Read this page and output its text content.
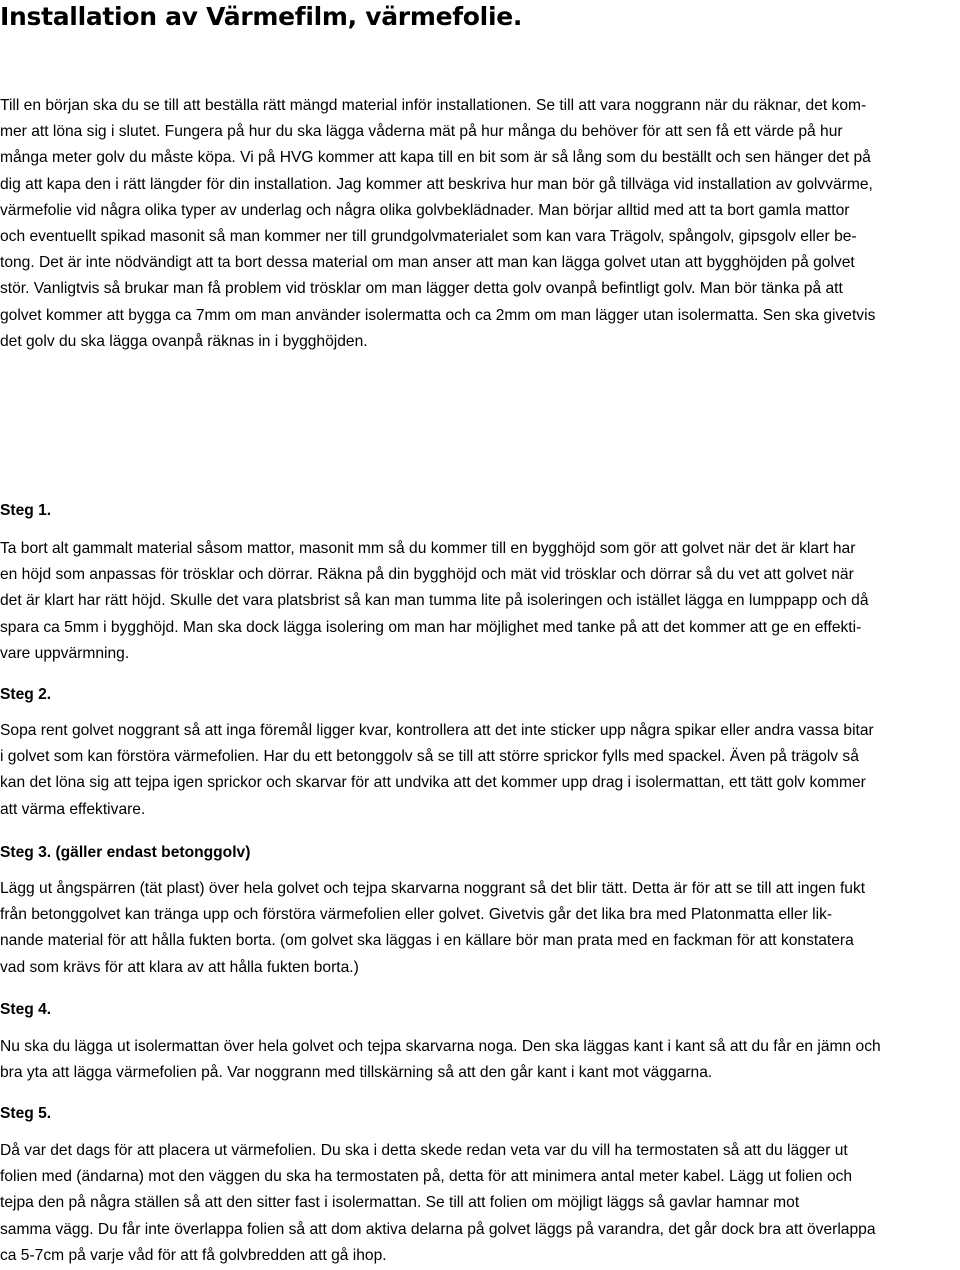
Installation av Värmefilm, värmefolie.

Till en början ska du se till att beställa rätt mängd material inför installationen. Se till att vara noggrann när du räknar, det kom-
mer att löna sig i slutet. Fungera på hur du ska lägga våderna mät på hur många du behöver för att sen få ett värde på hur
många meter golv du måste köpa. Vi på HVG kommer att kapa till en bit som är så lång som du beställt och sen hänger det på
dig att kapa den i rätt längder för din installation. Jag kommer att beskriva hur man bör gå tillväga vid installation av golvvärme,
värmefolie vid några olika typer av underlag och några olika golvbeklädnader. Man börjar alltid med att ta bort gamla mattor
och eventuellt spikad masonit så man kommer ner till grundgolvmaterialet som kan vara Trägolv, spångolv, gipsgolv eller be-
tong. Det är inte nödvändigt att ta bort dessa material om man anser att man kan lägga golvet utan att bygghöjden på golvet
stör. Vanligtvis så brukar man få problem vid trösklar om man lägger detta golv ovanpå befintligt golv. Man bör tänka på att
golvet kommer att bygga ca 7mm om man använder isolermatta och ca 2mm om man lägger utan isolermatta. Sen ska givetvis
det golv du ska lägga ovanpå räknas in i bygghöjden.

Steg 1.

Ta bort alt gammalt material såsom mattor, masonit mm så du kommer till en bygghöjd som gör att golvet när det är klart har
en höjd som anpassas för trösklar och dörrar. Räkna på din bygghöjd och mät vid trösklar och dörrar så du vet att golvet när
det är klart har rätt höjd. Skulle det vara platsbrist så kan man tumma lite på isoleringen och istället lägga en lumppapp och då
spara ca 5mm i bygghöjd. Man ska dock lägga isolering om man har möjlighet med tanke på att det kommer att ge en effekti-
vare uppvärmning.

Steg 2.

Sopa rent golvet noggrant så att inga föremål ligger kvar, kontrollera att det inte sticker upp några spikar eller andra vassa bitar
i golvet som kan förstöra värmefolien. Har du ett betonggolv så se till att större sprickor fylls med spackel. Även på trägolv så
kan det löna sig att tejpa igen sprickor och skarvar för att undvika att det kommer upp drag i isolermattan, ett tätt golv kommer
att värma effektivare.

Steg 3. (gäller endast betonggolv)

Lägg ut ångspärren (tät plast) över hela golvet och tejpa skarvarna noggrant så det blir tätt. Detta är för att se till att ingen fukt
från betonggolvet kan tränga upp och förstöra värmefolien eller golvet. Givetvis går det lika bra med Platonmatta eller lik-
nande material för att hålla fukten borta. (om golvet ska läggas i en källare bör man prata med en fackman för att konstatera
vad som krävs för att klara av att hålla fukten borta.)

Steg 4.

Nu ska du lägga ut isolermattan över hela golvet och tejpa skarvarna noga. Den ska läggas kant i kant så att du får en jämn och
bra yta att lägga värmefolien på. Var noggrann med tillskärning så att den går kant i kant mot väggarna.

Steg 5.

Då var det dags för att placera ut värmefolien. Du ska i detta skede redan veta var du vill ha termostaten så att du lägger ut
folien med (ändarna) mot den väggen du ska ha termostaten på, detta för att minimera antal meter kabel. Lägg ut folien och
tejpa den på några ställen så att den sitter fast i isolermattan. Se till att folien om möjligt läggs så gavlar hamnar mot
samma vägg. Du får inte överlappa folien så att dom aktiva delarna på golvet läggs på varandra, det går dock bra att överlappa
ca 5-7cm på varje våd för att få golvbredden att gå ihop.
